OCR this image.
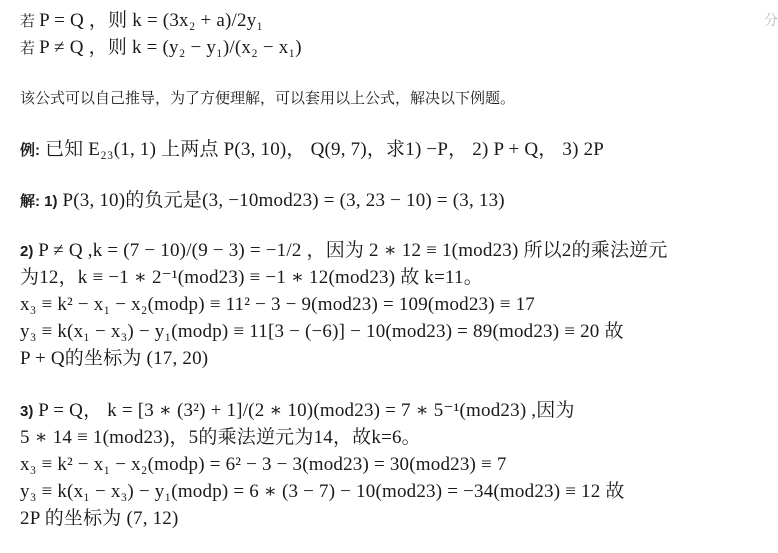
分
若 P = Q ，则 k = (3x₂ + a)/2y₁
若 P ≠ Q ，则 k = (y₂ − y₁)/(x₂ − x₁)
该公式可以自己推导，为了方便理解，可以套用以上公式，解决以下例题。
例: 已知 E₂₃(1, 1) 上两点 P(3, 10)， Q(9, 7)，求1) −P， 2) P + Q， 3) 2P
解: 1) P(3, 10)的负元是(3, −10mod23) = (3, 23 − 10) = (3, 13)
2) P ≠ Q ,k = (7 − 10)/(9 − 3) = −1/2 ，因为 2 ∗ 12 ≡ 1(mod23) 所以2的乘法逆元
为12，k ≡ −1 ∗ 2⁻¹(mod23) ≡ −1 ∗ 12(mod23) 故 k=11。
x₃ ≡ k² − x₁ − x₂(modp) ≡ 11² − 3 − 9(mod23) = 109(mod23) ≡ 17
y₃ ≡ k(x₁ − x₃) − y₁(modp) ≡ 11[3 − (−6)] − 10(mod23) = 89(mod23) ≡ 20 故
P + Q的坐标为 (17, 20)
3) P = Q， k = [3 ∗ (3²) + 1]/(2 ∗ 10)(mod23) = 7 ∗ 5⁻¹(mod23) ,因为
5 ∗ 14 ≡ 1(mod23)，5的乘法逆元为14，故k=6。
x₃ ≡ k² − x₁ − x₂(modp) = 6² − 3 − 3(mod23) = 30(mod23) ≡ 7
y₃ ≡ k(x₁ − x₃) − y₁(modp) = 6 ∗ (3 − 7) − 10(mod23) = −34(mod23) ≡ 12 故
2P 的坐标为 (7, 12)
